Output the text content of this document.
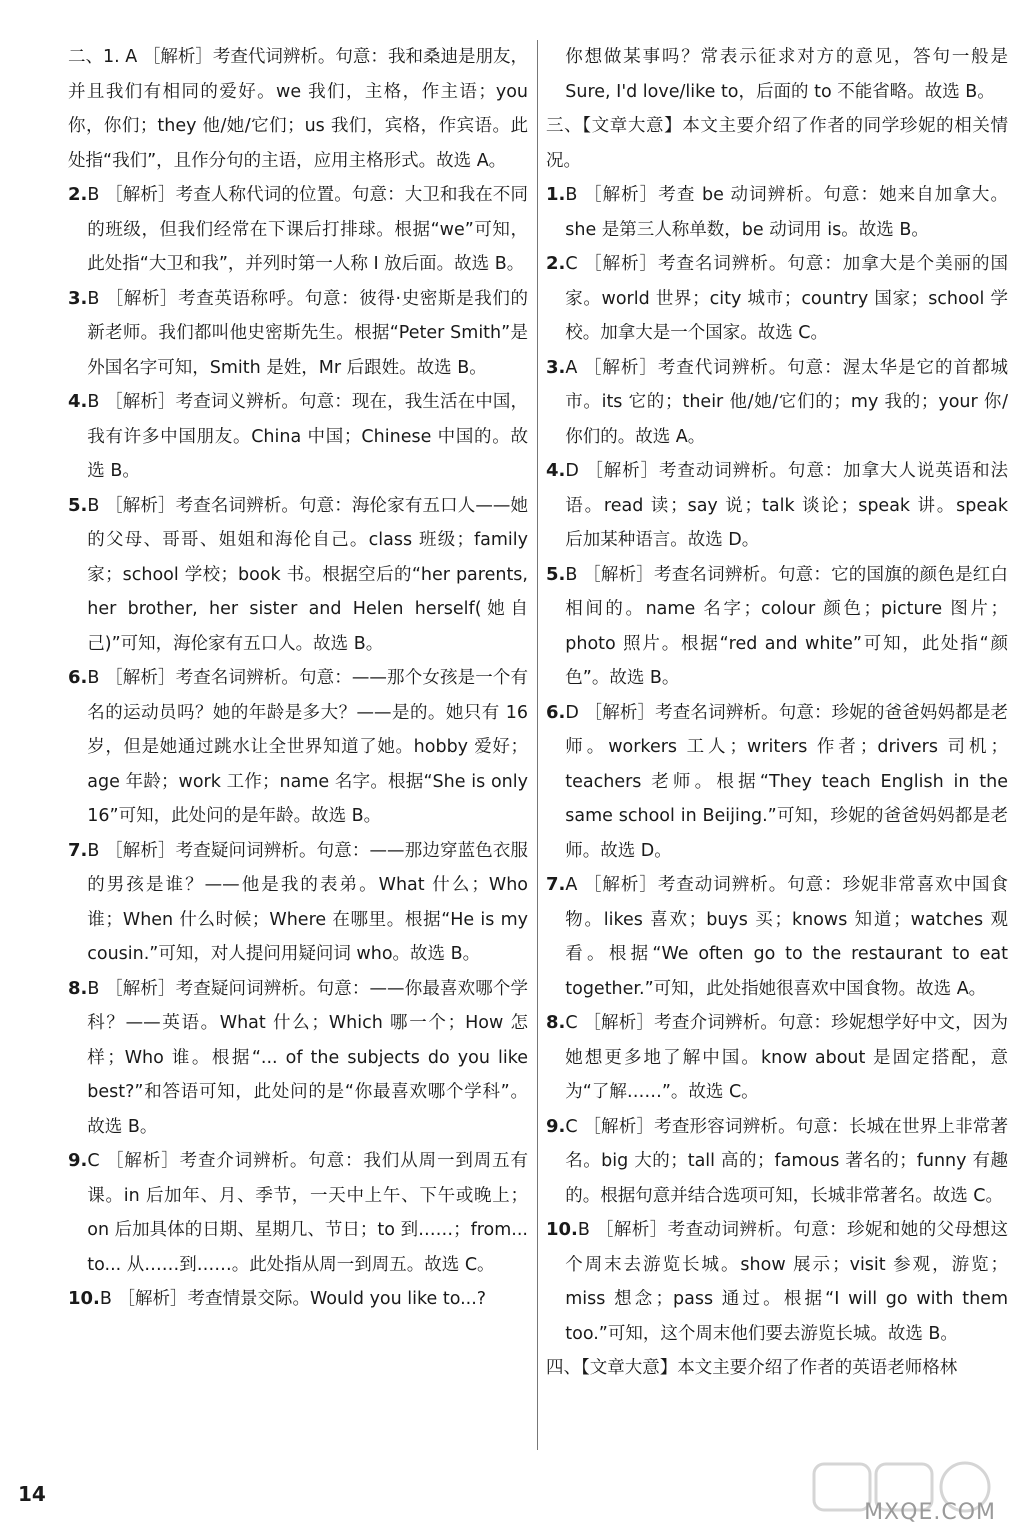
二、1. A ［解析］考查代词辨析。句意：我和桑迪是朋友，并且我们有相同的爱好。we 我们，主格，作主语；you 你，你们；they 他/她/它们；us 我们，宾格，作宾语。此处指“我们”，且作分句的主语，应用主格形式。故选 A。

2.B ［解析］考查人称代词的位置。句意：大卫和我在不同的班级，但我们经常在下课后打排球。根据“we”可知，此处指“大卫和我”，并列时第一人称 I 放后面。故选 B。

3.B ［解析］考查英语称呼。句意：彼得·史密斯是我们的新老师。我们都叫他史密斯先生。根据“Peter Smith”是外国名字可知，Smith 是姓，Mr 后跟姓。故选 B。

4.B ［解析］考查词义辨析。句意：现在，我生活在中国，我有许多中国朋友。China 中国；Chinese 中国的。故选 B。

5.B ［解析］考查名词辨析。句意：海伦家有五口人——她的父母、哥哥、姐姐和海伦自己。class 班级；family 家；school 学校；book 书。根据空后的“her parents, her brother, her sister and Helen herself(她自己)”可知，海伦家有五口人。故选 B。

6.B ［解析］考查名词辨析。句意：——那个女孩是一个有名的运动员吗？她的年龄是多大？——是的。她只有 16 岁，但是她通过跳水让全世界知道了她。hobby 爱好；age 年龄；work 工作；name 名字。根据“She is only 16”可知，此处问的是年龄。故选 B。

7.B ［解析］考查疑问词辨析。句意：——那边穿蓝色衣服的男孩是谁？——他是我的表弟。What 什么；Who 谁；When 什么时候；Where 在哪里。根据“He is my cousin.”可知，对人提问用疑问词 who。故选 B。

8.B ［解析］考查疑问词辨析。句意：——你最喜欢哪个学科？——英语。What 什么；Which 哪一个；How 怎样；Who 谁。根据“... of the subjects do you like best?”和答语可知，此处问的是“你最喜欢哪个学科”。故选 B。

9.C ［解析］考查介词辨析。句意：我们从周一到周五有课。in 后加年、月、季节，一天中上午、下午或晚上；on 后加具体的日期、星期几、节日；to 到……；from... to... 从……到……。此处指从周一到周五。故选 C。

10.B ［解析］考查情景交际。Would you like to...?

你想做某事吗？常表示征求对方的意见，答句一般是 Sure, I'd love/like to，后面的 to 不能省略。故选 B。

三、【文章大意】本文主要介绍了作者的同学珍妮的相关情况。

1.B ［解析］考查 be 动词辨析。句意：她来自加拿大。she 是第三人称单数，be 动词用 is。故选 B。

2.C ［解析］考查名词辨析。句意：加拿大是个美丽的国家。world 世界；city 城市；country 国家；school 学校。加拿大是一个国家。故选 C。

3.A ［解析］考查代词辨析。句意：渥太华是它的首都城市。its 它的；their 他/她/它们的；my 我的；your 你/你们的。故选 A。

4.D ［解析］考查动词辨析。句意：加拿大人说英语和法语。read 读；say 说；talk 谈论；speak 讲。speak 后加某种语言。故选 D。

5.B ［解析］考查名词辨析。句意：它的国旗的颜色是红白相间的。name 名字；colour 颜色；picture 图片；photo 照片。根据“red and white”可知，此处指“颜色”。故选 B。

6.D ［解析］考查名词辨析。句意：珍妮的爸爸妈妈都是老师。workers 工人；writers 作者；drivers 司机；teachers 老师。根据“They teach English in the same school in Beijing.”可知，珍妮的爸爸妈妈都是老师。故选 D。

7.A ［解析］考查动词辨析。句意：珍妮非常喜欢中国食物。likes 喜欢；buys 买；knows 知道；watches 观看。根据“We often go to the restaurant to eat together.”可知，此处指她很喜欢中国食物。故选 A。

8.C ［解析］考查介词辨析。句意：珍妮想学好中文，因为她想更多地了解中国。know about 是固定搭配，意为“了解……”。故选 C。

9.C ［解析］考查形容词辨析。句意：长城在世界上非常著名。big 大的；tall 高的；famous 著名的；funny 有趣的。根据句意并结合选项可知，长城非常著名。故选 C。

10.B ［解析］考查动词辨析。句意：珍妮和她的父母想这个周末去游览长城。show 展示；visit 参观，游览；miss 想念；pass 通过。根据“I will go with them too.”可知，这个周末他们要去游览长城。故选 B。

四、【文章大意】本文主要介绍了作者的英语老师格林

14
MXQE.COM
